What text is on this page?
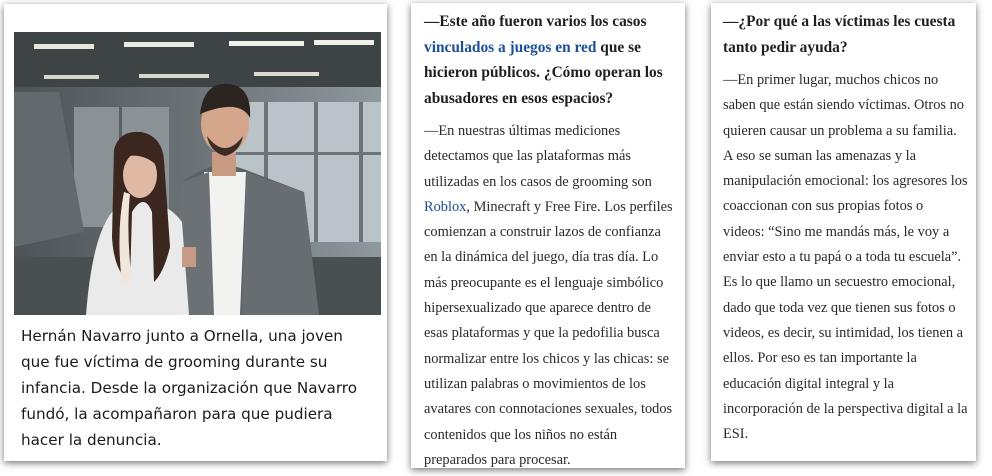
Hernán Navarro junto a Ornella, una joven que fue víctima de grooming durante su infancia. Desde la organización que Navarro fundó, la acompañaron para que pudiera hacer la denuncia.

—Este año fueron varios los casos vinculados a juegos en red que se hicieron públicos. ¿Cómo operan los abusadores en esos espacios?

—En nuestras últimas mediciones detectamos que las plataformas más utilizadas en los casos de grooming son Roblox, Minecraft y Free Fire. Los perfiles comienzan a construir lazos de confianza en la dinámica del juego, día tras día. Lo más preocupante es el lenguaje simbólico hipersexualizado que aparece dentro de esas plataformas y que la pedofilia busca normalizar entre los chicos y las chicas: se utilizan palabras o movimientos de los avatares con connotaciones sexuales, todos contenidos que los niños no están preparados para procesar.

—¿Por qué a las víctimas les cuesta tanto pedir ayuda?

—En primer lugar, muchos chicos no saben que están siendo víctimas. Otros no quieren causar un problema a su familia. A eso se suman las amenazas y la manipulación emocional: los agresores los coaccionan con sus propias fotos o videos: “Sino me mandás más, le voy a enviar esto a tu papá o a toda tu escuela”. Es lo que llamo un secuestro emocional, dado que toda vez que tienen sus fotos o videos, es decir, su intimidad, los tienen a ellos. Por eso es tan importante la educación digital integral y la incorporación de la perspectiva digital a la ESI.
